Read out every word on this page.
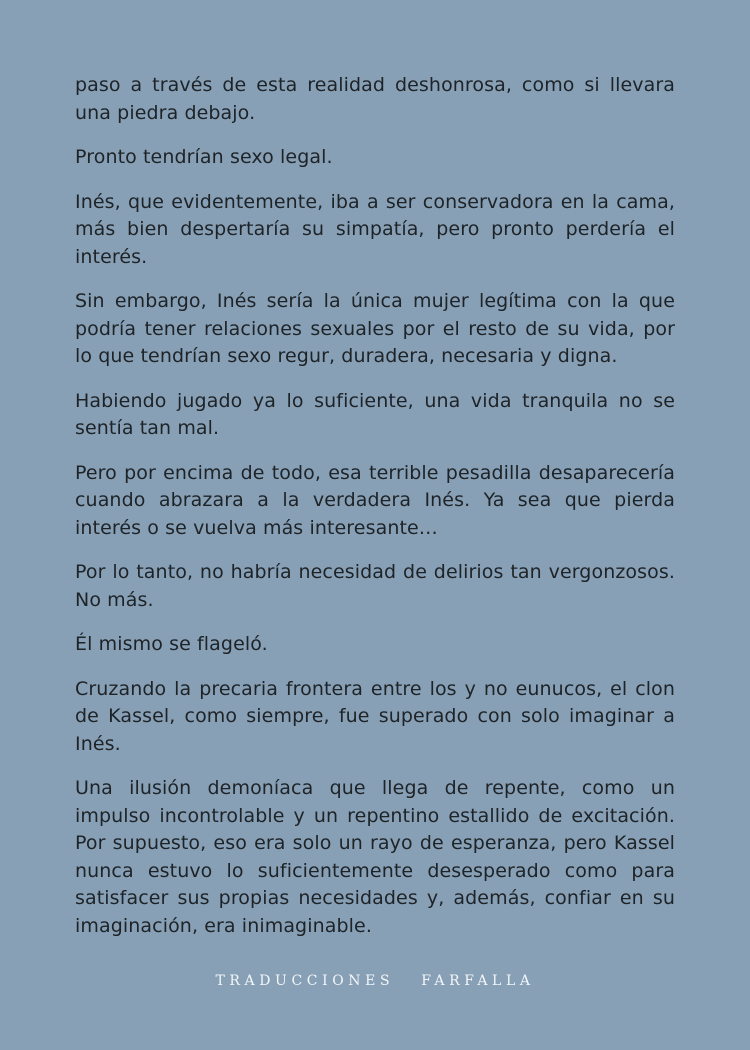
paso a través de esta realidad deshonrosa, como si llevara una piedra debajo.

Pronto tendrían sexo legal.

Inés, que evidentemente, iba a ser conservadora en la cama, más bien despertaría su simpatía, pero pronto perdería el interés.

Sin embargo, Inés sería la única mujer legítima con la que podría tener relaciones sexuales por el resto de su vida, por lo que tendrían sexo regur, duradera, necesaria y digna.

Habiendo jugado ya lo suficiente, una vida tranquila no se sentía tan mal.

Pero por encima de todo, esa terrible pesadilla desaparecería cuando abrazara a la verdadera Inés. Ya sea que pierda interés o se vuelva más interesante…

Por lo tanto, no habría necesidad de delirios tan vergonzosos. No más.

Él mismo se flageló.

Cruzando la precaria frontera entre los y no eunucos, el clon de Kassel, como siempre, fue superado con solo imaginar a Inés.

Una ilusión demoníaca que llega de repente, como un impulso incontrolable y un repentino estallido de excitación. Por supuesto, eso era solo un rayo de esperanza, pero Kassel nunca estuvo lo suficientemente desesperado como para satisfacer sus propias necesidades y, además, confiar en su imaginación, era inimaginable.

TRADUCCIONES   FARFALLA
